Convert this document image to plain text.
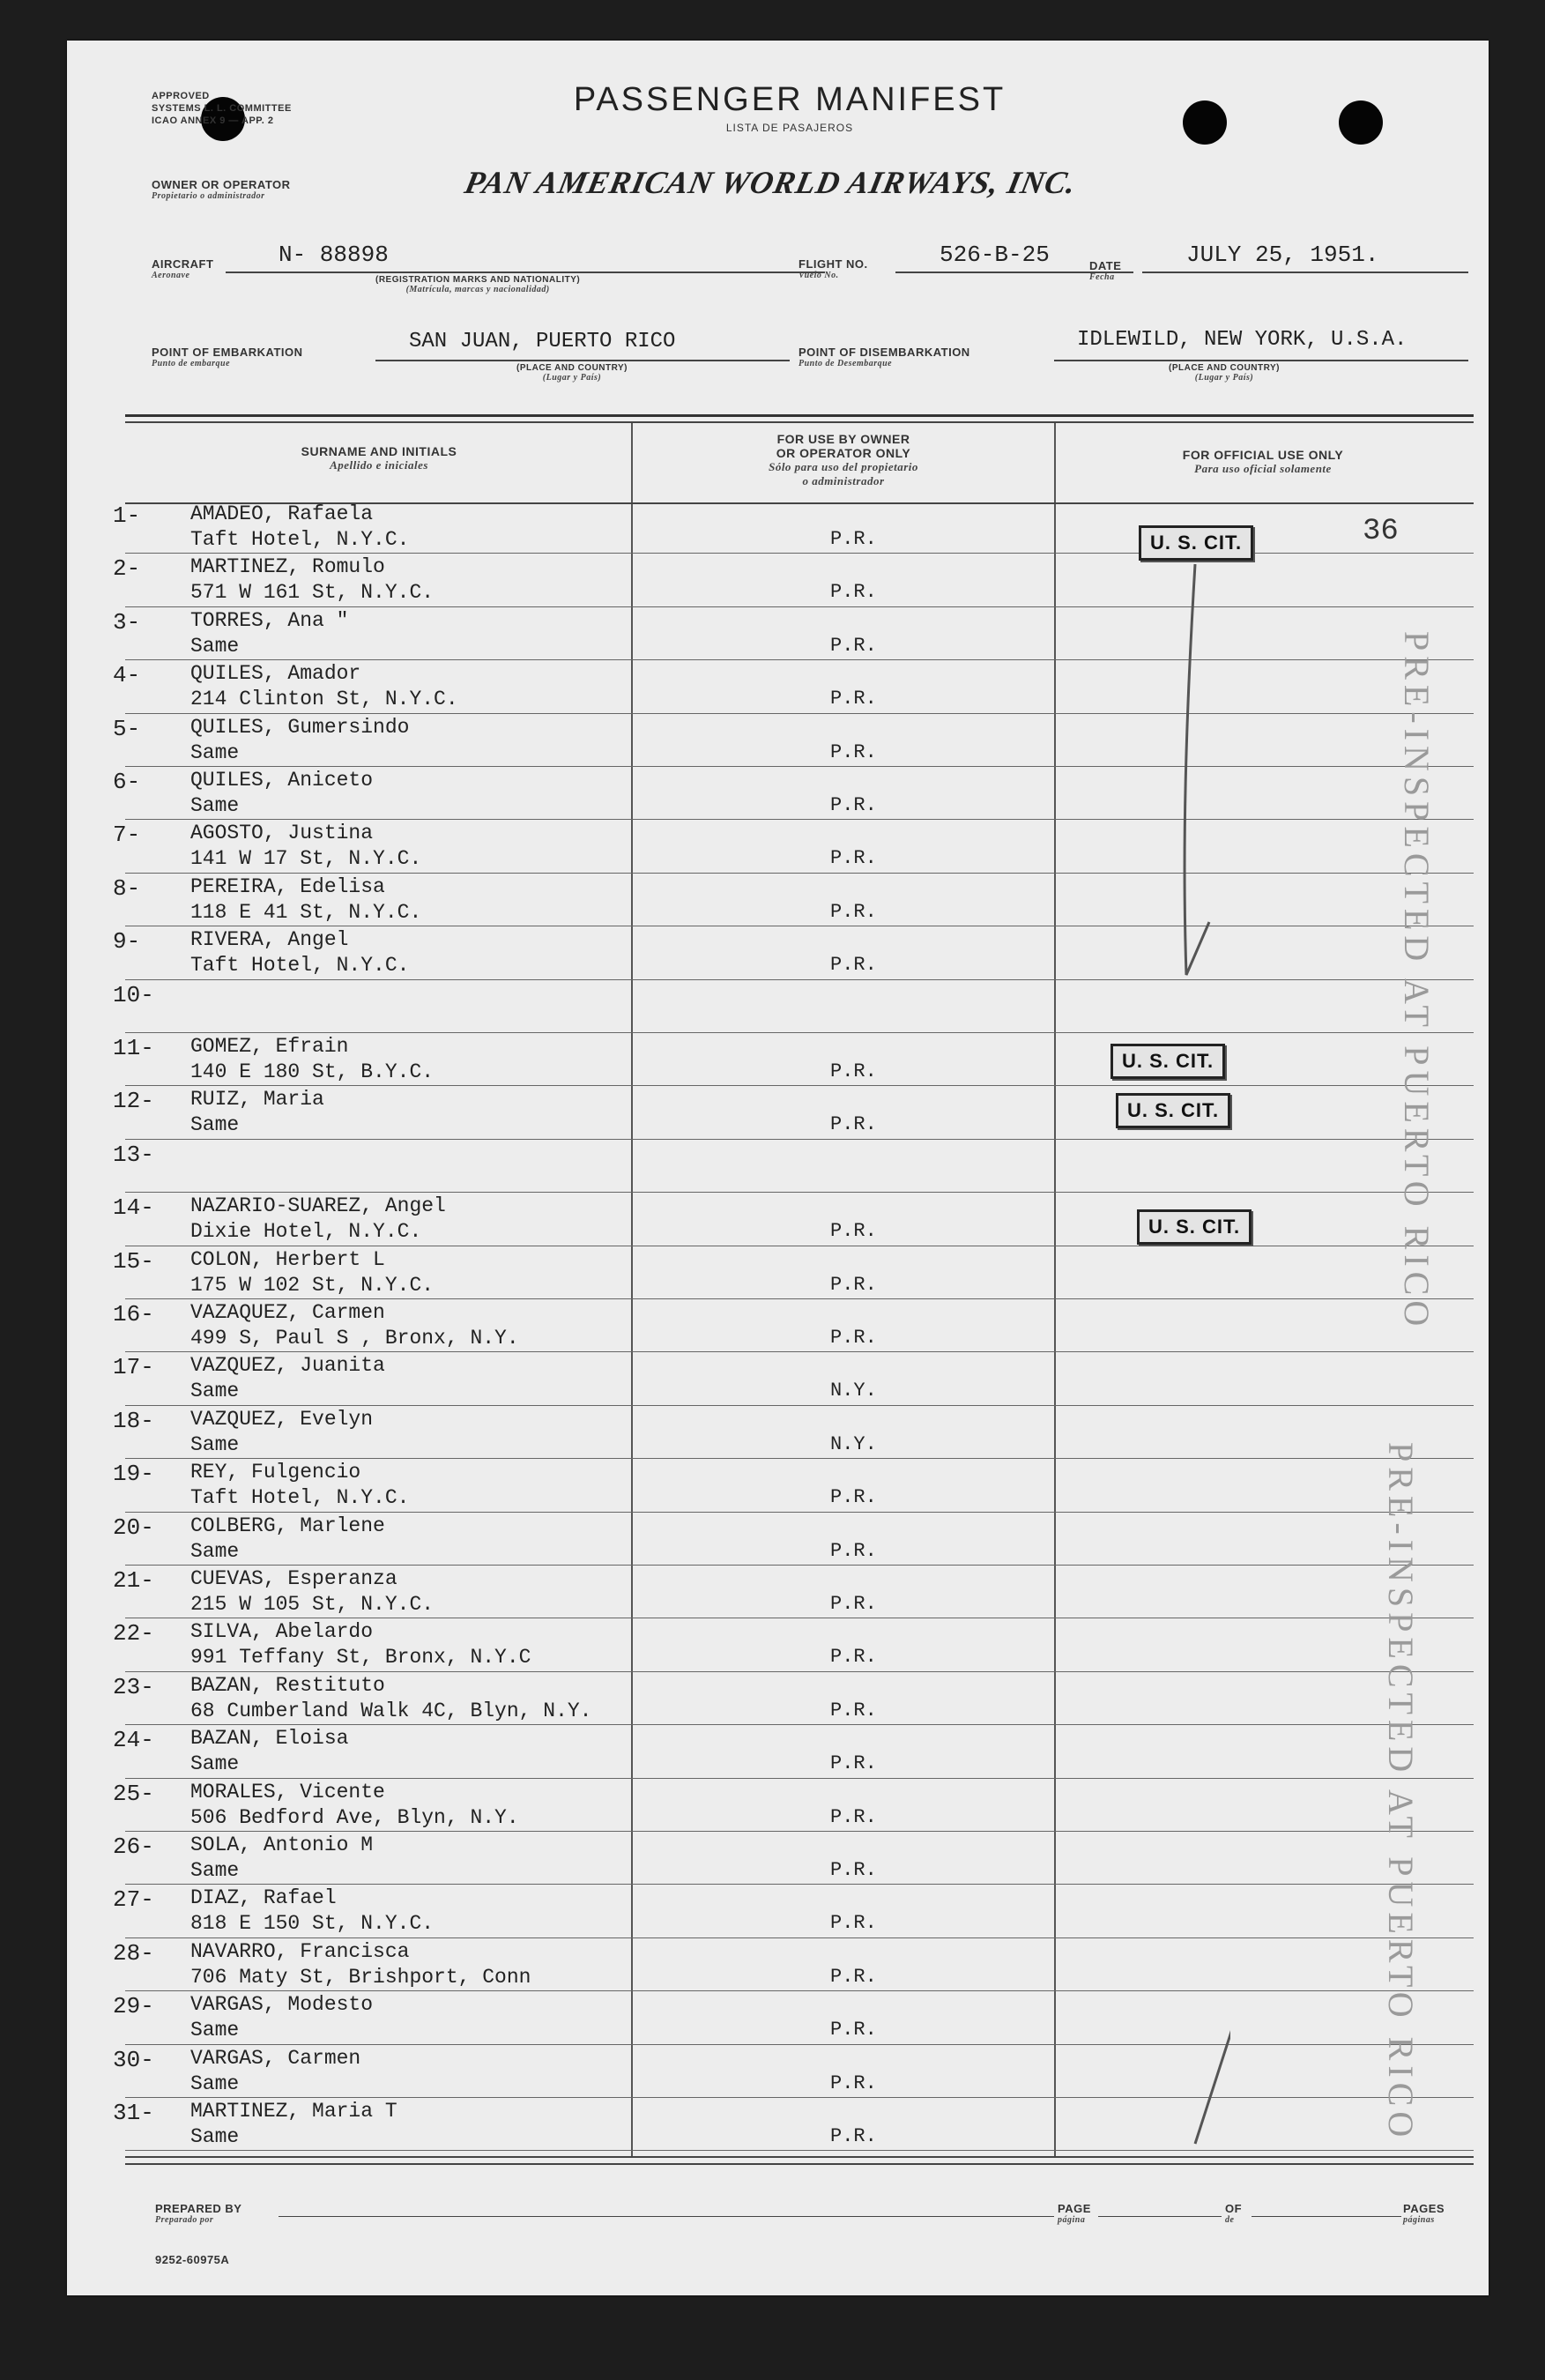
APPROVED
SYSTEMS L. L. COMMITTEE
ICAO ANNEX 9 — APP. 2
PASSENGER MANIFEST
LISTA DE PASAJEROS
OWNER OR OPERATOR
Propietario o administrador	PAN AMERICAN WORLD AIRWAYS, INC.
AIRCRAFT
Aeronave
N- 88898
(REGISTRATION MARKS AND NATIONALITY)
(Matrícula, marcas y nacionalidad)
FLIGHT NO.
Vuelo No.
526-B-25	DATE
Fecha
JULY 25, 1951.
POINT OF EMBARKATION
Punto de embarque
SAN JUAN, PUERTO RICO
(PLACE AND COUNTRY)
(Lugar y País)
POINT OF DISEMBARKATION
Punto de Desembarque
IDLEWILD, NEW YORK, U.S.A.
(PLACE AND COUNTRY)
(Lugar y País)
SURNAME AND INITIALS
Apellido e iniciales
FOR USE BY OWNER
OR OPERATOR ONLY
Sólo para uso del propietario
o administrador
FOR OFFICIAL USE ONLY
Para uso oficial solamente
1- AMADEO, Rafaela
Taft Hotel, N.Y.C.	P.R.
2- MARTINEZ, Romulo
571 W 161 St, N.Y.C.	P.R.
3- TORRES, Ana "
Same	P.R.
4- QUILES, Amador
214 Clinton St, N.Y.C.	P.R.
5- QUILES, Gumersindo
Same	P.R.
6- QUILES, Aniceto
Same	P.R.
7- AGOSTO, Justina
141 W 17 St, N.Y.C.	P.R.
8- PEREIRA, Edelisa
118 E 41 St, N.Y.C.	P.R.
9- RIVERA, Angel
Taft Hotel, N.Y.C.	P.R.
10-
11- GOMEZ, Efrain
140 E 180 St, B.Y.C.	P.R.
12- RUIZ, Maria
Same	P.R.
13-
14- NAZARIO-SUAREZ, Angel
Dixie Hotel, N.Y.C.	P.R.
15- COLON, Herbert L
175 W 102 St, N.Y.C.	P.R.
16- VAZAQUEZ, Carmen
499 S, Paul S , Bronx, N.Y.	P.R.
17- VAZQUEZ, Juanita
Same	N.Y.
18- VAZQUEZ, Evelyn
Same	N.Y.
19- REY, Fulgencio
Taft Hotel, N.Y.C.	P.R.
20- COLBERG, Marlene
Same	P.R.
21- CUEVAS, Esperanza
215 W 105 St, N.Y.C.	P.R.
22- SILVA, Abelardo
991 Teffany St, Bronx, N.Y.C	P.R.
23- BAZAN, Restituto
68 Cumberland Walk 4C, Blyn, N.Y.	P.R.
24- BAZAN, Eloisa
Same	P.R.
25- MORALES, Vicente
506 Bedford Ave, Blyn, N.Y.	P.R.
26- SOLA, Antonio M
Same	P.R.
27- DIAZ, Rafael
818 E 150 St, N.Y.C.	P.R.
28- NAVARRO, Francisca
706 Maty St, Brishport, Conn	P.R.
29- VARGAS, Modesto
Same	P.R.
30- VARGAS, Carmen
Same	P.R.
31- MARTINEZ, Maria T
Same	P.R.
36
U. S. CIT.
U. S. CIT.
U. S. CIT.
U. S. CIT.	PRE-INSPECTED AT PUERTO RICO
PRE-INSPECTED AT PUERTO RICO
PREPARED BY
Preparado por
PAGE
página
OF
de
PAGES
páginas
9252-60975A
